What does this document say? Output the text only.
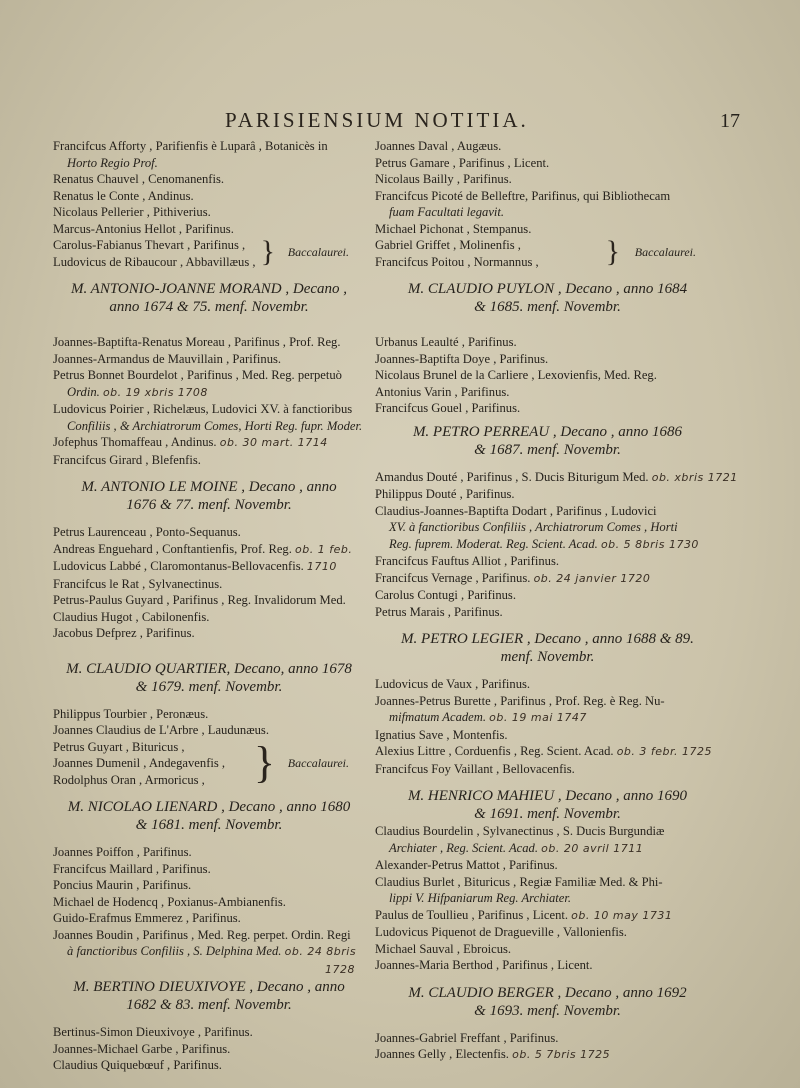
PARISIENSIUM NOTITIA.	17
Francifcus Afforty , Parifienfis è Luparâ , Botanicès in
Horto Regio Prof.
Renatus Chauvel , Cenomanenfis.
Renatus le Conte , Andinus.
Nicolaus Pellerier , Pithiverius.
Marcus-Antonius Hellot , Parifinus.
Carolus-Fabianus Thevart , Parifinus ,
Ludovicus de Ribaucour , Abbavillæus , } Baccalaurei.
M. ANTONIO-JOANNE MORAND , Decano ,
anno 1674 & 75. menf. Novembr.
Joannes-Baptifta-Renatus Moreau , Parifinus , Prof. Reg.
Joannes-Armandus de Mauvillain , Parifinus.
Petrus Bonnet Bourdelot , Parifinus , Med. Reg. perpetuò
Ordin. ob. 19 xbris 1708
Ludovicus Poirier , Richelæus, Ludovici XV. à fanctioribus
Confiliis , & Archiatrorum Comes, Horti Reg. fupr. Moder.
Jofephus Thomaffeau , Andinus. ob. 30 mart. 1714
Francifcus Girard , Blefenfis.
M. ANTONIO LE MOINE , Decano , anno
1676 & 77. menf. Novembr.
Petrus Laurenceau , Ponto-Sequanus.
Andreas Enguehard , Conftantienfis, Prof. Reg. ob. 1 feb.
Ludovicus Labbé , Claromontanus-Bellovacenfis. 1710
Francifcus le Rat , Sylvanectinus.
Petrus-Paulus Guyard , Parifinus , Reg. Invalidorum Med.
Claudius Hugot , Cabilonenfis.
Jacobus Defprez , Parifinus.
M. CLAUDIO QUARTIER, Decano, anno 1678
& 1679. menf. Novembr.
Philippus Tourbier , Peronæus.
Joannes Claudius de L'Arbre , Laudunæus.
Petrus Guyart , Bituricus ,
Joannes Dumenil , Andegavenfis ,
Rodolphus Oran , Armoricus ,	} Baccalaurei.
M. NICOLAO LIENARD , Decano , anno 1680
& 1681. menf. Novembr.
Joannes Poiffon , Parifinus.
Francifcus Maillard , Parifinus.
Poncius Maurin , Parifinus.
Michael de Hodencq , Poxianus-Ambianenfis.
Guido-Erafmus Emmerez , Parifinus.
Joannes Boudin , Parifinus , Med. Reg. perpet. Ordin. Regi
à fanctioribus Confiliis , S. Delphina Med. ob. 24 8bris
1728
M. BERTINO DIEUXIVOYE , Decano , anno
1682 & 83. menf. Novembr.
Bertinus-Simon Dieuxivoye , Parifinus.
Joannes-Michael Garbe , Parifinus.
Claudius Quiquebœuf , Parifinus.
Joannes Daval , Augæus.
Petrus Gamare , Parifinus , Licent.
Nicolaus Bailly , Parifinus.
Francifcus Picoté de Belleftre, Parifinus, qui Bibliothecam
fuam Facultati legavit.
Michael Pichonat , Stempanus.
Gabriel Griffet , Molinenfis ,
Francifcus Poitou , Normannus ,	} Baccalaurei.
M. CLAUDIO PUYLON , Decano , anno 1684
& 1685. menf. Novembr.
Urbanus Leaulté , Parifinus.
Joannes-Baptifta Doye , Parifinus.
Nicolaus Brunel de la Carliere , Lexovienfis, Med. Reg.
Antonius Varin , Parifinus.
Francifcus Gouel , Parifinus.
M. PETRO PERREAU , Decano , anno 1686
& 1687. menf. Novembr.
Amandus Douté , Parifinus , S. Ducis Biturigum Med. ob. xbris 1721
Philippus Douté , Parifinus.
Claudius-Joannes-Baptifta Dodart , Parifinus , Ludovici
XV. à fanctioribus Confiliis , Archiatrorum Comes , Horti
Reg. fuprem. Moderat. Reg. Scient. Acad. ob. 5 8bris 1730
Francifcus Fauftus Alliot , Parifinus.
Francifcus Vernage , Parifinus. ob. 24 janvier 1720
Carolus Contugi , Parifinus.
Petrus Marais , Parifinus.
M. PETRO LEGIER , Decano , anno 1688 & 89.
menf. Novembr.
Ludovicus de Vaux , Parifinus.
Joannes-Petrus Burette , Parifinus , Prof. Reg. è Reg. Nu-
mifmatum Academ. ob. 19 mai 1747
Ignatius Save , Montenfis.
Alexius Littre , Corduenfis , Reg. Scient. Acad. ob. 3 febr. 1725
Francifcus Foy Vaillant , Bellovacenfis.
M. HENRICO MAHIEU , Decano , anno 1690
& 1691. menf. Novembr.
Claudius Bourdelin , Sylvanectinus , S. Ducis Burgundiæ
Archiater , Reg. Scient. Acad. ob. 20 avril 1711
Alexander-Petrus Mattot , Parifinus.
Claudius Burlet , Bituricus , Regiæ Familiæ Med. & Phi-
lippi V. Hifpaniarum Reg. Archiater.
Paulus de Toullieu , Parifinus , Licent. ob. 10 may 1731
Ludovicus Piquenot de Dragueville , Vallonienfis.
Michael Sauval , Ebroicus.
Joannes-Maria Berthod , Parifinus , Licent.
M. CLAUDIO BERGER , Decano , anno 1692
& 1693. menf. Novembr.
Joannes-Gabriel Freffant , Parifinus.
Joannes Gelly , Electenfis. ob. 5 7bris 1725
